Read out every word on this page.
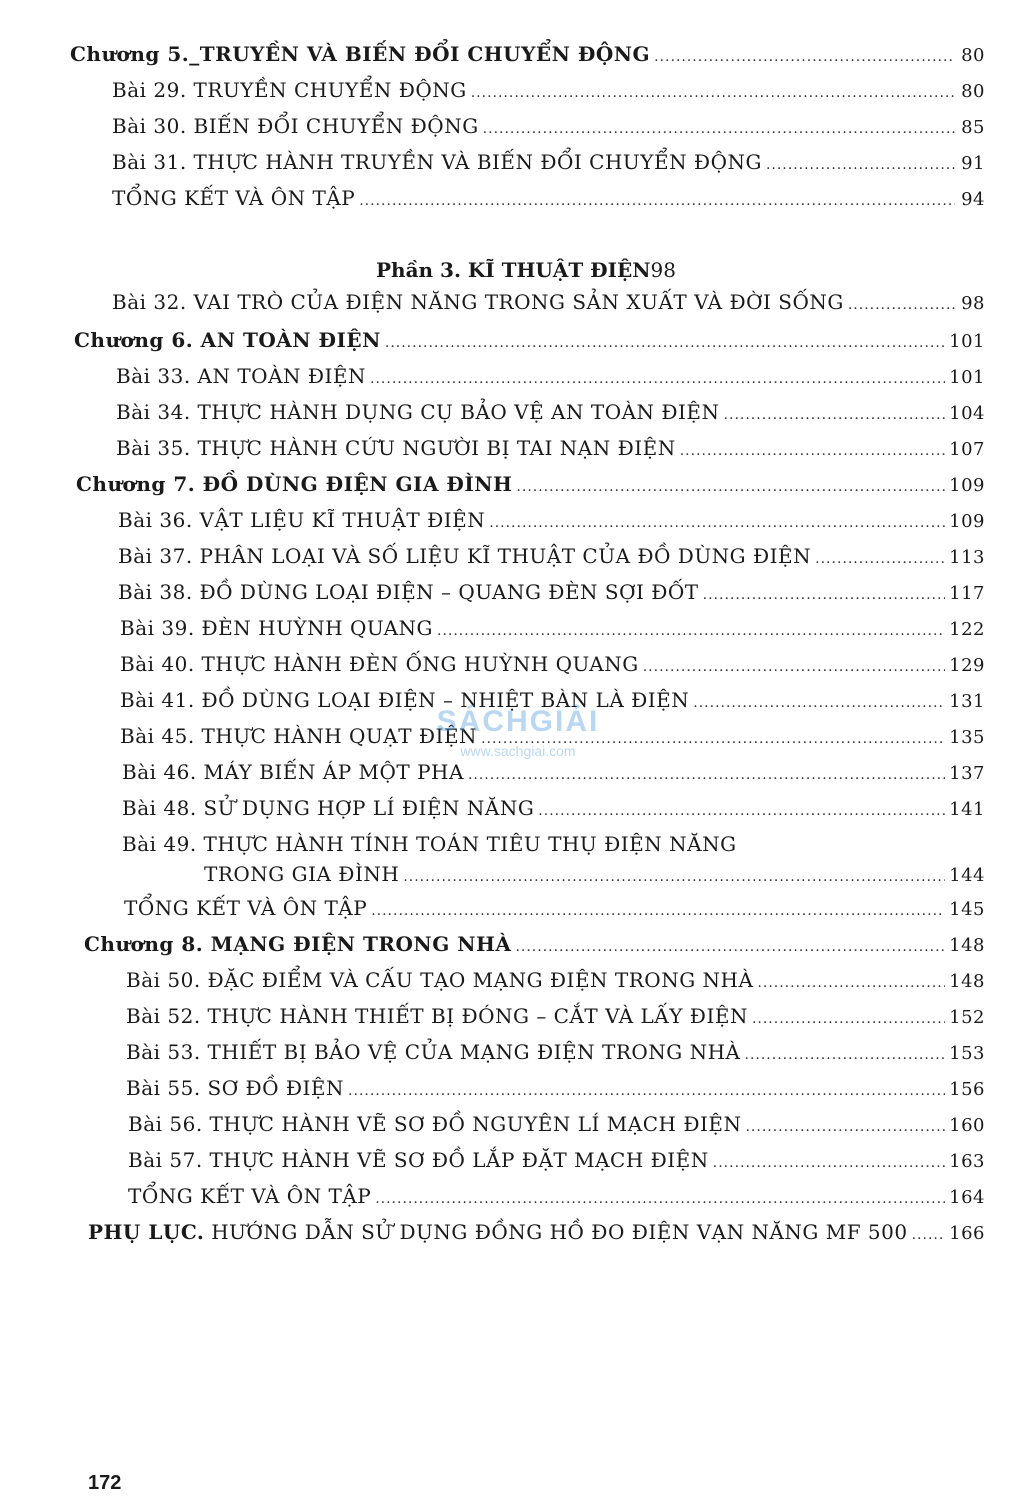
Chương 5._TRUYỀN VÀ BIẾN ĐỔI CHUYỂN ĐỘNG .....	80
Bài 29. TRUYỀN CHUYỂN ĐỘNG .....	80
Bài 30. BIẾN ĐỔI CHUYỂN ĐỘNG .....	85
Bài 31. THỰC HÀNH TRUYỀN VÀ BIẾN ĐỔI CHUYỂN ĐỘNG .....	91
TỔNG KẾT VÀ ÔN TẬP .....	94
Phần 3. KĨ THUẬT ĐIỆN98
Bài 32. VAI TRÒ CỦA ĐIỆN NĂNG TRONG SẢN XUẤT VÀ ĐỜI SỐNG .....	98
Chương 6. AN TOÀN ĐIỆN .....	101
Bài 33. AN TOÀN ĐIỆN .....	101
Bài 34. THỰC HÀNH DỤNG CỤ BẢO VỆ AN TOÀN ĐIỆN .....	104
Bài 35. THỰC HÀNH CỨU NGƯỜI BỊ TAI NẠN ĐIỆN .....	107
Chương 7. ĐỒ DÙNG ĐIỆN GIA ĐÌNH .....	109
Bài 36. VẬT LIỆU KĨ THUẬT ĐIỆN .....	109
Bài 37. PHÂN LOẠI VÀ SỐ LIỆU KĨ THUẬT CỦA ĐỒ DÙNG ĐIỆN .....	113
Bài 38. ĐỒ DÙNG LOẠI ĐIỆN – QUANG ĐÈN SỢI ĐỐT .....	117
Bài 39. ĐÈN HUỲNH QUANG .....	122
Bài 40. THỰC HÀNH ĐÈN ỐNG HUỲNH QUANG .....	129
Bài 41. ĐỒ DÙNG LOẠI ĐIỆN – NHIỆT BÀN LÀ ĐIỆN .....	131
Bài 45. THỰC HÀNH QUẠT ĐIỆN .....	135
Bài 46. MÁY BIẾN ÁP MỘT PHA .....	137
Bài 48. SỬ DỤNG HỢP LÍ ĐIỆN NĂNG .....	141
Bài 49. THỰC HÀNH TÍNH TOÁN TIÊU THỤ ĐIỆN NĂNG
TRONG GIA ĐÌNH .....	144
TỔNG KẾT VÀ ÔN TẬP .....	145
Chương 8. MẠNG ĐIỆN TRONG NHÀ .....	148
Bài 50. ĐẶC ĐIỂM VÀ CẤU TẠO MẠNG ĐIỆN TRONG NHÀ .....	148
Bài 52. THỰC HÀNH THIẾT BỊ ĐÓNG – CẮT VÀ LẤY ĐIỆN .....	152
Bài 53. THIẾT BỊ BẢO VỆ CỦA MẠNG ĐIỆN TRONG NHÀ .....	153
Bài 55. SƠ ĐỒ ĐIỆN .....	156
Bài 56. THỰC HÀNH VẼ SƠ ĐỒ NGUYÊN LÍ MẠCH ĐIỆN .....	160
Bài 57. THỰC HÀNH VẼ SƠ ĐỒ LẮP ĐẶT MẠCH ĐIỆN .....	163
TỔNG KẾT VÀ ÔN TẬP .....	164
PHỤ LỤC. HƯỚNG DẪN SỬ DỤNG ĐỒNG HỒ ĐO ĐIỆN VẠN NĂNG MF 500 ..... 166
SÁCHGIẢI
www.sachgiai.com
172
